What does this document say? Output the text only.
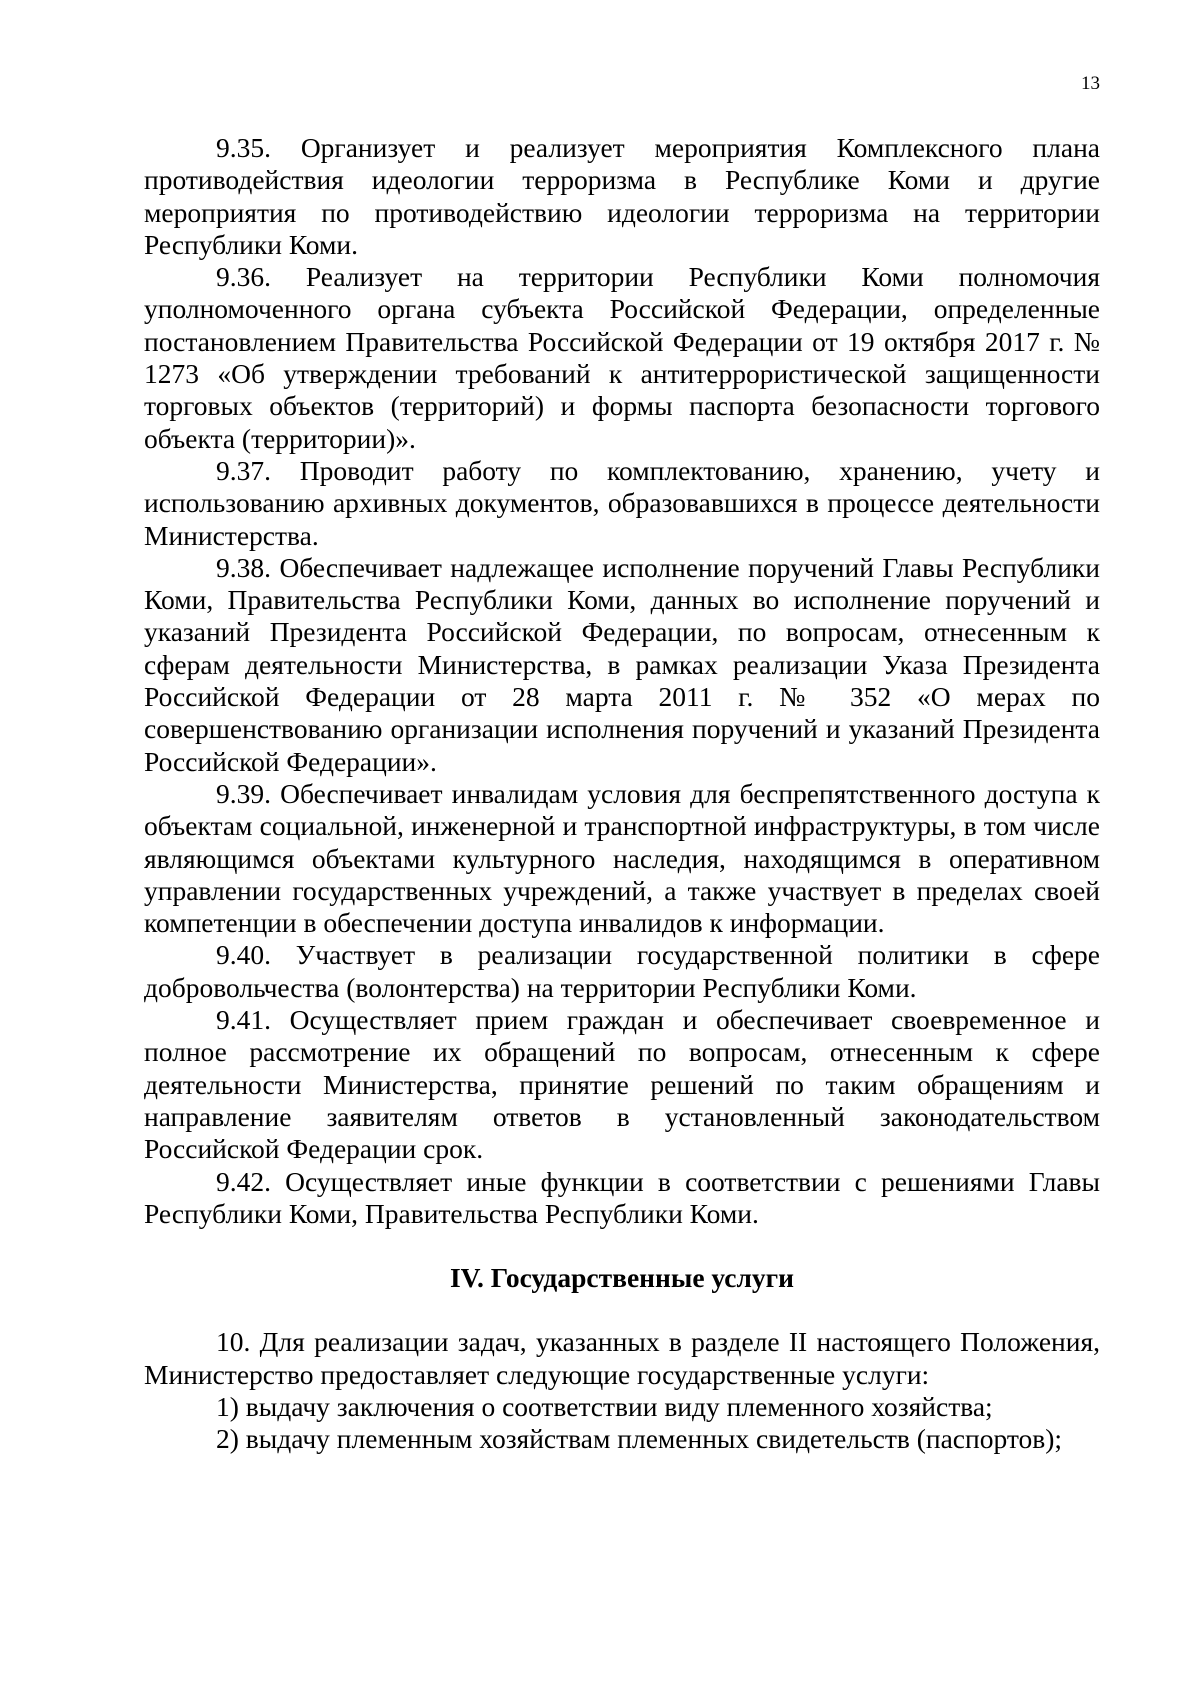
13

9.35. Организует и реализует мероприятия Комплексного плана противодействия идеологии терроризма в Республике Коми и другие мероприятия по противодействию идеологии терроризма на территории Республики Коми.

9.36. Реализует на территории Республики Коми полномочия уполномоченного органа субъекта Российской Федерации, определенные постановлением Правительства Российской Федерации от 19 октября 2017 г. № 1273 «Об утверждении требований к антитеррористической защищенности торговых объектов (территорий) и формы паспорта безопасности торгового объекта (территории)».

9.37. Проводит работу по комплектованию, хранению, учету и использованию архивных документов, образовавшихся в процессе деятельности Министерства.

9.38. Обеспечивает надлежащее исполнение поручений Главы Республики Коми, Правительства Республики Коми, данных во исполнение поручений и указаний Президента Российской Федерации, по вопросам, отнесенным к сферам деятельности Министерства, в рамках реализации Указа Президента Российской Федерации от 28 марта 2011 г. № 352 «О мерах по совершенствованию организации исполнения поручений и указаний Президента Российской Федерации».

9.39. Обеспечивает инвалидам условия для беспрепятственного доступа к объектам социальной, инженерной и транспортной инфраструктуры, в том числе являющимся объектами культурного наследия, находящимся в оперативном управлении государственных учреждений, а также участвует в пределах своей компетенции в обеспечении доступа инвалидов к информации.

9.40. Участвует в реализации государственной политики в сфере добровольчества (волонтерства) на территории Республики Коми.

9.41. Осуществляет прием граждан и обеспечивает своевременное и полное рассмотрение их обращений по вопросам, отнесенным к сфере деятельности Министерства, принятие решений по таким обращениям и направление заявителям ответов в установленный законодательством Российской Федерации срок.

9.42. Осуществляет иные функции в соответствии с решениями Главы Республики Коми, Правительства Республики Коми.

IV. Государственные услуги

10. Для реализации задач, указанных в разделе II настоящего Положения, Министерство предоставляет следующие государственные услуги:

1) выдачу заключения о соответствии виду племенного хозяйства;

2) выдачу племенным хозяйствам племенных свидетельств (паспортов);
